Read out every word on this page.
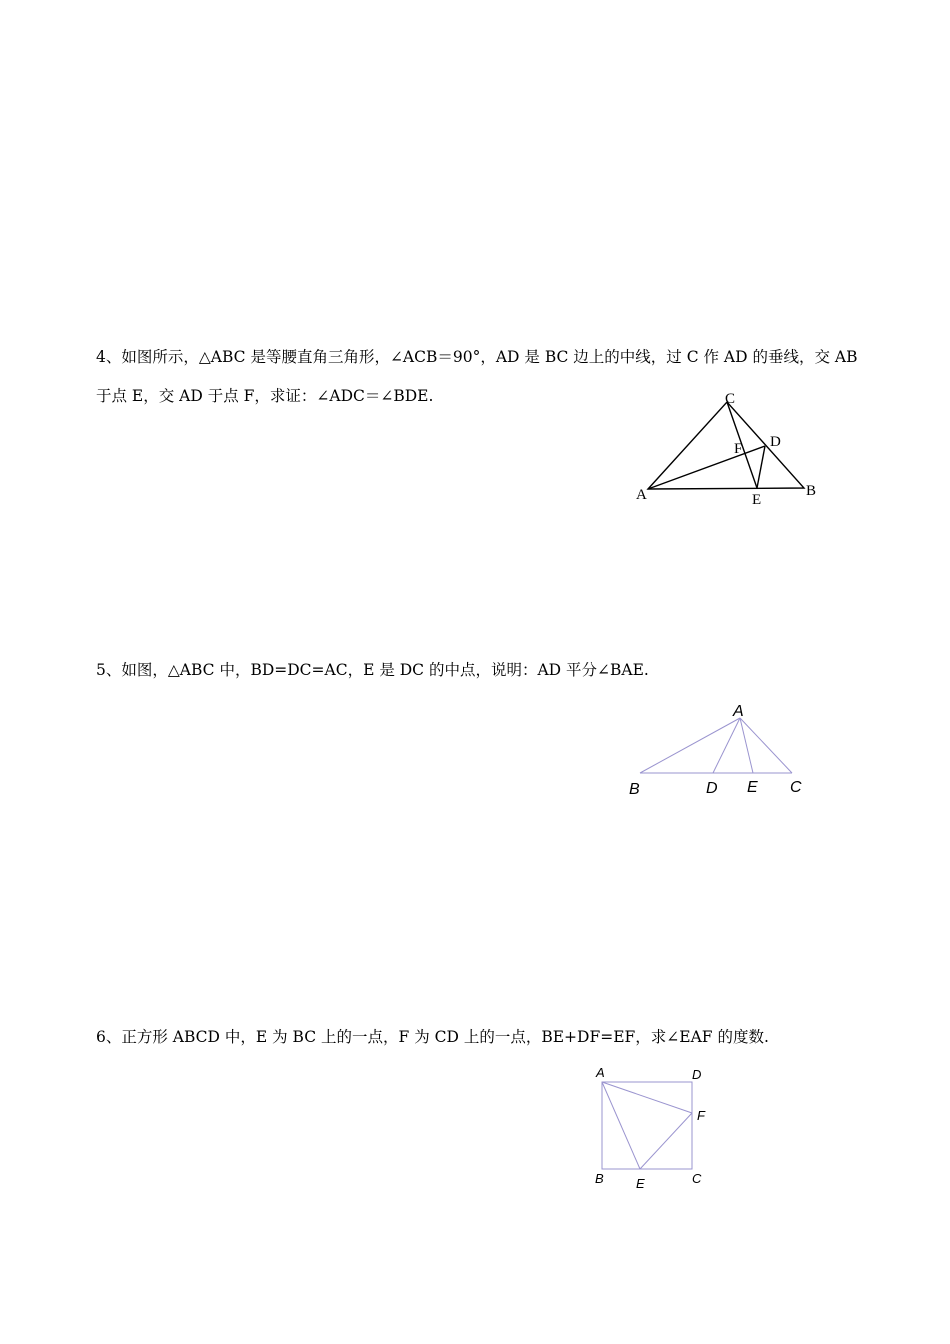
4、如图所示，△ABC 是等腰直角三角形，∠ACB＝90°，AD 是 BC 边上的中线，过 C 作 AD 的垂线，交 AB
于点 E，交 AD 于点 F，求证：∠ADC＝∠BDE.
A	B
C
D
E
F
5、如图，△ABC 中，BD=DC=AC，E 是 DC 的中点，说明：AD 平分∠BAE.
A
B	D E C
6、正方形 ABCD 中，E 为 BC 上的一点，F 为 CD 上的一点，BE+DF=EF，求∠EAF 的度数.
A	D
F
B E	C
